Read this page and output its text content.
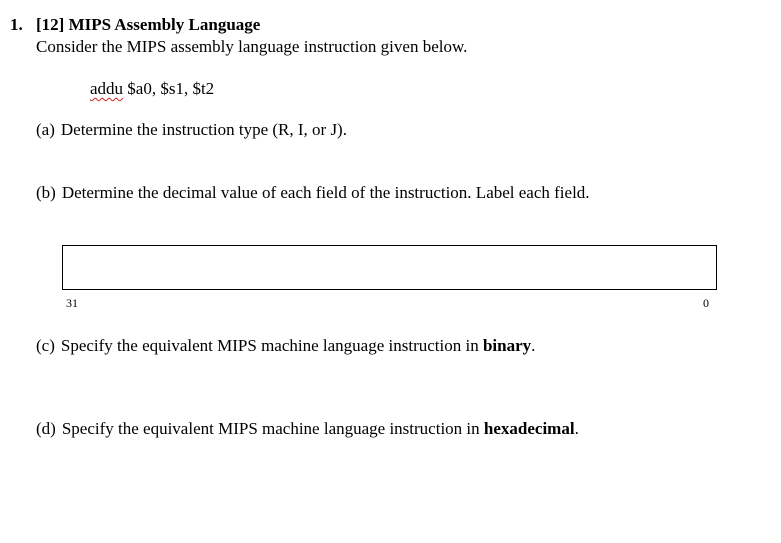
1. [12] MIPS Assembly Language
Consider the MIPS assembly language instruction given below.
addu $a0, $s1, $t2
(a) Determine the instruction type (R, I, or J).
(b) Determine the decimal value of each field of the instruction. Label each field.
31	0
(c) Specify the equivalent MIPS machine language instruction in binary.
(d) Specify the equivalent MIPS machine language instruction in hexadecimal.
